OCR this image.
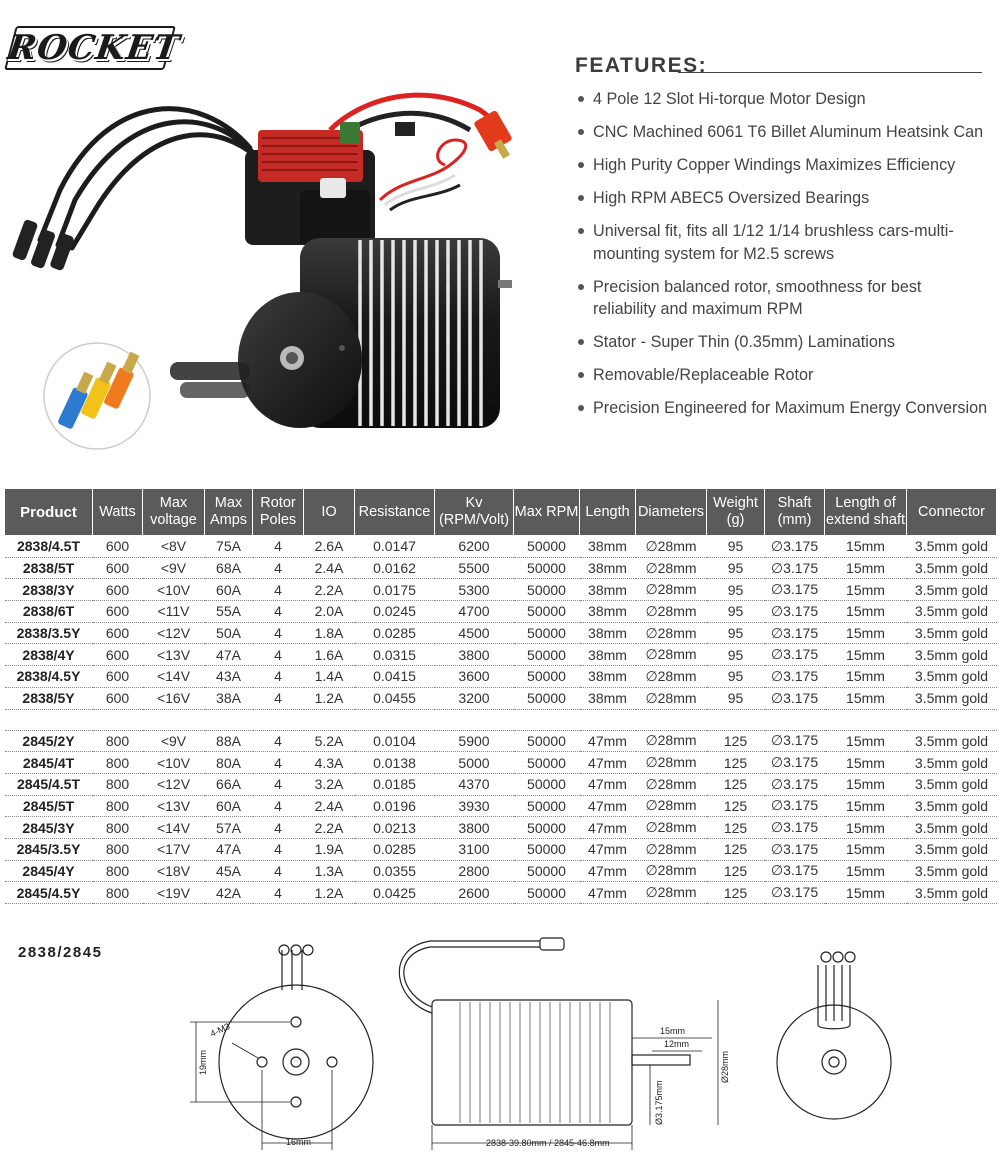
ROCKET	FEATURES:
4 Pole 12 Slot Hi-torque Motor Design
CNC Machined 6061 T6 Billet Aluminum Heatsink Can
High Purity Copper Windings Maximizes Efficiency
High RPM ABEC5 Oversized Bearings
Universal fit, fits all 1/12 1/14 brushless cars-multi-mounting system for M2.5 screws
Precision balanced rotor, smoothness for best reliability and maximum RPM
Stator - Super Thin (0.35mm) Laminations
Removable/Replaceable Rotor
Precision Engineered for Maximum Energy Conversion
Product	Watts	Max voltage	Max Amps	Rotor Poles	IO	Resistance	Kv (RPM/Volt)	Max RPM	Length	Diameters	Weight (g)	Shaft (mm)	Length of extend shaft	Connector
2838/4.5T	600	<8V	75A	4	2.6A	0.0147	6200	50000	38mm	∅28mm	95	∅3.175	15mm	3.5mm gold
2838/5T	600	<9V	68A	4	2.4A	0.0162	5500	50000	38mm	∅28mm	95	∅3.175	15mm	3.5mm gold
2838/3Y	600	<10V	60A	4	2.2A	0.0175	5300	50000	38mm	∅28mm	95	∅3.175	15mm	3.5mm gold
2838/6T	600	<11V	55A	4	2.0A	0.0245	4700	50000	38mm	∅28mm	95	∅3.175	15mm	3.5mm gold
2838/3.5Y	600	<12V	50A	4	1.8A	0.0285	4500	50000	38mm	∅28mm	95	∅3.175	15mm	3.5mm gold
2838/4Y	600	<13V	47A	4	1.6A	0.0315	3800	50000	38mm	∅28mm	95	∅3.175	15mm	3.5mm gold
2838/4.5Y	600	<14V	43A	4	1.4A	0.0415	3600	50000	38mm	∅28mm	95	∅3.175	15mm	3.5mm gold
2838/5Y	600	<16V	38A	4	1.2A	0.0455	3200	50000	38mm	∅28mm	95	∅3.175	15mm	3.5mm gold

2845/2Y	800	<9V	88A	4	5.2A	0.0104	5900	50000	47mm	∅28mm	125	∅3.175	15mm	3.5mm gold
2845/4T	800	<10V	80A	4	4.3A	0.0138	5000	50000	47mm	∅28mm	125	∅3.175	15mm	3.5mm gold
2845/4.5T	800	<12V	66A	4	3.2A	0.0185	4370	50000	47mm	∅28mm	125	∅3.175	15mm	3.5mm gold
2845/5T	800	<13V	60A	4	2.4A	0.0196	3930	50000	47mm	∅28mm	125	∅3.175	15mm	3.5mm gold
2845/3Y	800	<14V	57A	4	2.2A	0.0213	3800	50000	47mm	∅28mm	125	∅3.175	15mm	3.5mm gold
2845/3.5Y	800	<17V	47A	4	1.9A	0.0285	3100	50000	47mm	∅28mm	125	∅3.175	15mm	3.5mm gold
2845/4Y	800	<18V	45A	4	1.3A	0.0355	2800	50000	47mm	∅28mm	125	∅3.175	15mm	3.5mm gold
2845/4.5Y	800	<19V	42A	4	1.2A	0.0425	2600	50000	47mm	∅28mm	125	∅3.175	15mm	3.5mm gold
2838/2845
4-M3
19mm
16mm
15mm
12mm
Ø3.175mm
Ø28mm
2838-39.80mm / 2845-46.8mm
